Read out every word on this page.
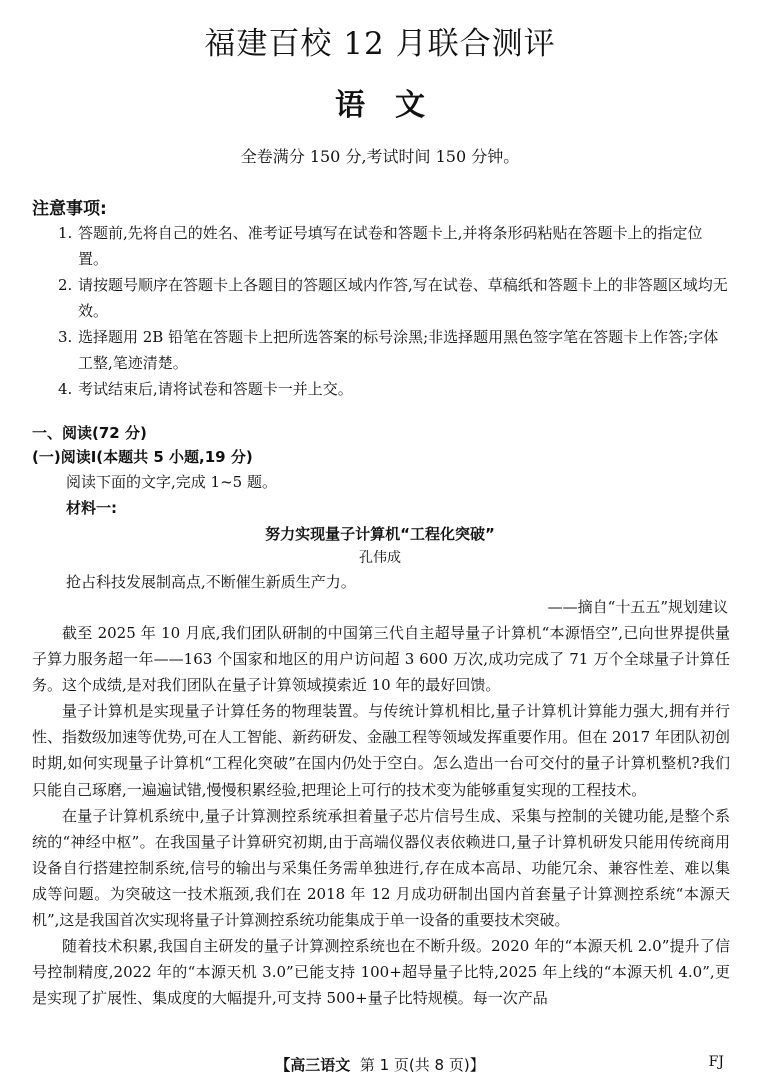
福建百校 12 月联合测评
语文
全卷满分 150 分,考试时间 150 分钟。
注意事项:
1. 答题前,先将自己的姓名、准考证号填写在试卷和答题卡上,并将条形码粘贴在答题卡上的指定位置。
2. 请按题号顺序在答题卡上各题目的答题区域内作答,写在试卷、草稿纸和答题卡上的非答题区域均无效。
3. 选择题用 2B 铅笔在答题卡上把所选答案的标号涂黑;非选择题用黑色签字笔在答题卡上作答;字体工整,笔迹清楚。
4. 考试结束后,请将试卷和答题卡一并上交。
一、阅读(72 分)
(一)阅读Ⅰ(本题共 5 小题,19 分)
阅读下面的文字,完成 1~5 题。
材料一:
努力实现量子计算机“工程化突破”
孔伟成
抢占科技发展制高点,不断催生新质生产力。
——摘自“十五五”规划建议

截至 2025 年 10 月底,我们团队研制的中国第三代自主超导量子计算机“本源悟空”,已向世界提供量子算力服务超一年——163 个国家和地区的用户访问超 3 600 万次,成功完成了 71 万个全球量子计算任务。这个成绩,是对我们团队在量子计算领域摸索近 10 年的最好回馈。

量子计算机是实现量子计算任务的物理装置。与传统计算机相比,量子计算机计算能力强大,拥有并行性、指数级加速等优势,可在人工智能、新药研发、金融工程等领域发挥重要作用。但在 2017 年团队初创时期,如何实现量子计算机“工程化突破”在国内仍处于空白。怎么造出一台可交付的量子计算机整机?我们只能自己琢磨,一遍遍试错,慢慢积累经验,把理论上可行的技术变为能够重复实现的工程技术。

在量子计算机系统中,量子计算测控系统承担着量子芯片信号生成、采集与控制的关键功能,是整个系统的“神经中枢”。在我国量子计算研究初期,由于高端仪器仪表依赖进口,量子计算机研发只能用传统商用设备自行搭建控制系统,信号的输出与采集任务需单独进行,存在成本高昂、功能冗余、兼容性差、难以集成等问题。为突破这一技术瓶颈,我们在 2018 年 12 月成功研制出国内首套量子计算测控系统“本源天机”,这是我国首次实现将量子计算测控系统功能集成于单一设备的重要技术突破。

随着技术积累,我国自主研发的量子计算测控系统也在不断升级。2020 年的“本源天机 2.0”提升了信号控制精度,2022 年的“本源天机 3.0”已能支持 100+超导量子比特,2025 年上线的“本源天机 4.0”,更是实现了扩展性、集成度的大幅提升,可支持 500+量子比特规模。每一次产品

【高三语文 第 1 页(共 8 页)】	FJ
